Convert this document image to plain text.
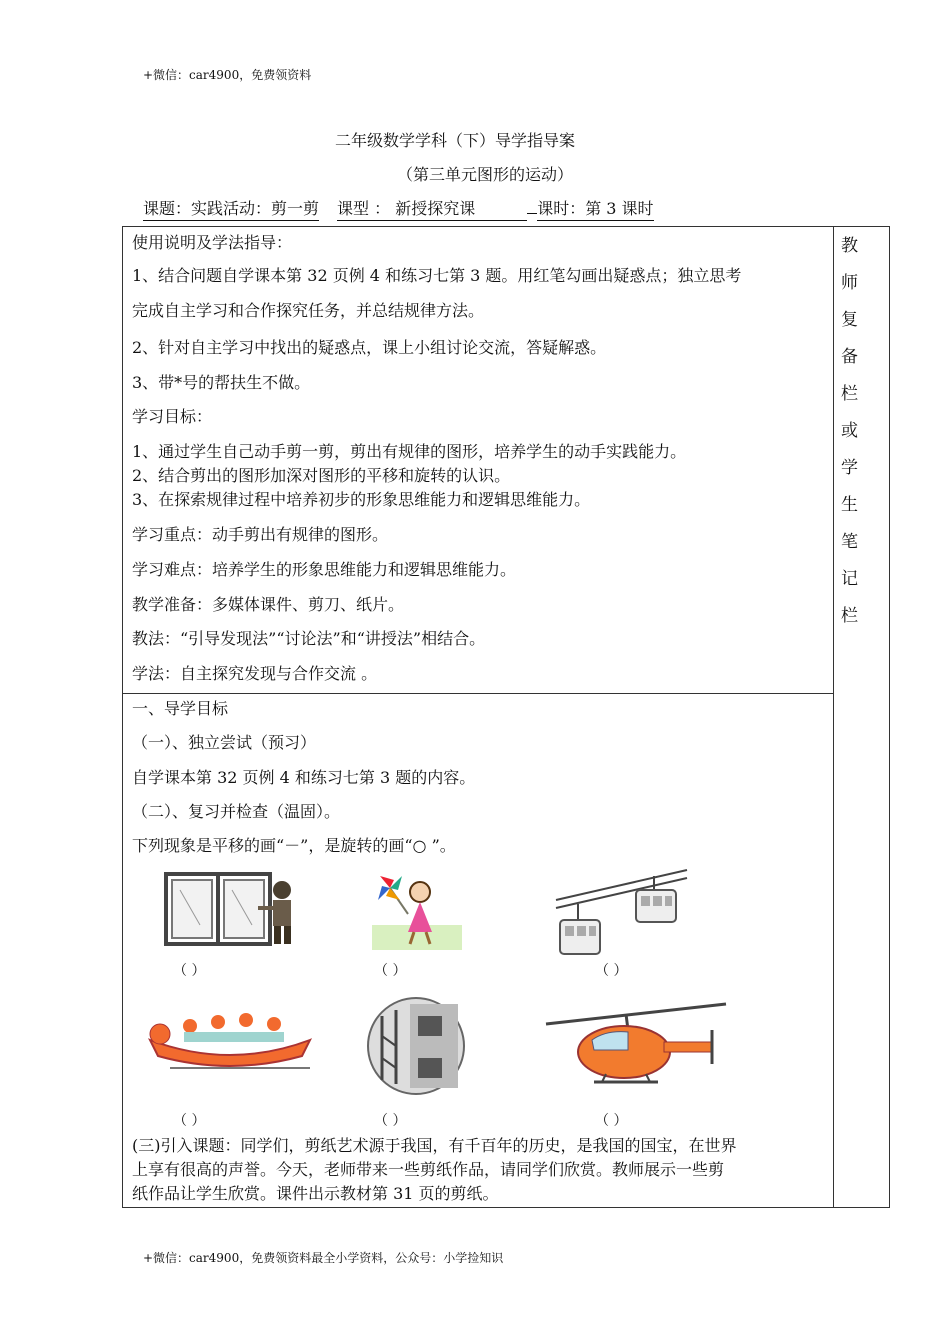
+微信：car4900，免费领资料
二年级数学学科（下）导学指导案
（第三单元图形的运动）
课题：实践活动：剪一剪 课型 ： 新授探究课	课时：第 3 课时
教 师 复
备 栏 或
学 生 笔
记 栏
使用说明及学法指导：
1、结合问题自学课本第 32 页例 4 和练习七第 3 题。用红笔勾画出疑惑点；独立思考
完成自主学习和合作探究任务，并总结规律方法。
2、针对自主学习中找出的疑惑点，课上小组讨论交流，答疑解惑。
3、带*号的帮扶生不做。
学习目标：
1、通过学生自己动手剪一剪，剪出有规律的图形，培养学生的动手实践能力。
2、结合剪出的图形加深对图形的平移和旋转的认识。
3、在探索规律过程中培养初步的形象思维能力和逻辑思维能力。
学习重点：动手剪出有规律的图形。
学习难点：培养学生的形象思维能力和逻辑思维能力。
教学准备：多媒体课件、剪刀、纸片。
教法：“引导发现法”“讨论法”和“讲授法”相结合。
学法：自主探究发现与合作交流 。
一、导学目标
（一）、独立尝试（预习）
自学课本第 32 页例 4 和练习七第 3 题的内容。
（二）、复习并检查（温固）。
下列现象是平移的画“－”，是旋转的画“○ ”。
（ ）	（ ）	（ ）
（ ）	（ ）	（ ）
(三)引入课题：同学们，剪纸艺术源于我国，有千百年的历史，是我国的国宝，在世界
上享有很高的声誉。今天，老师带来一些剪纸作品，请同学们欣赏。教师展示一些剪
纸作品让学生欣赏。课件出示教材第 31 页的剪纸。
+微信：car4900，免费领资料最全小学资料，公众号：小学捡知识
